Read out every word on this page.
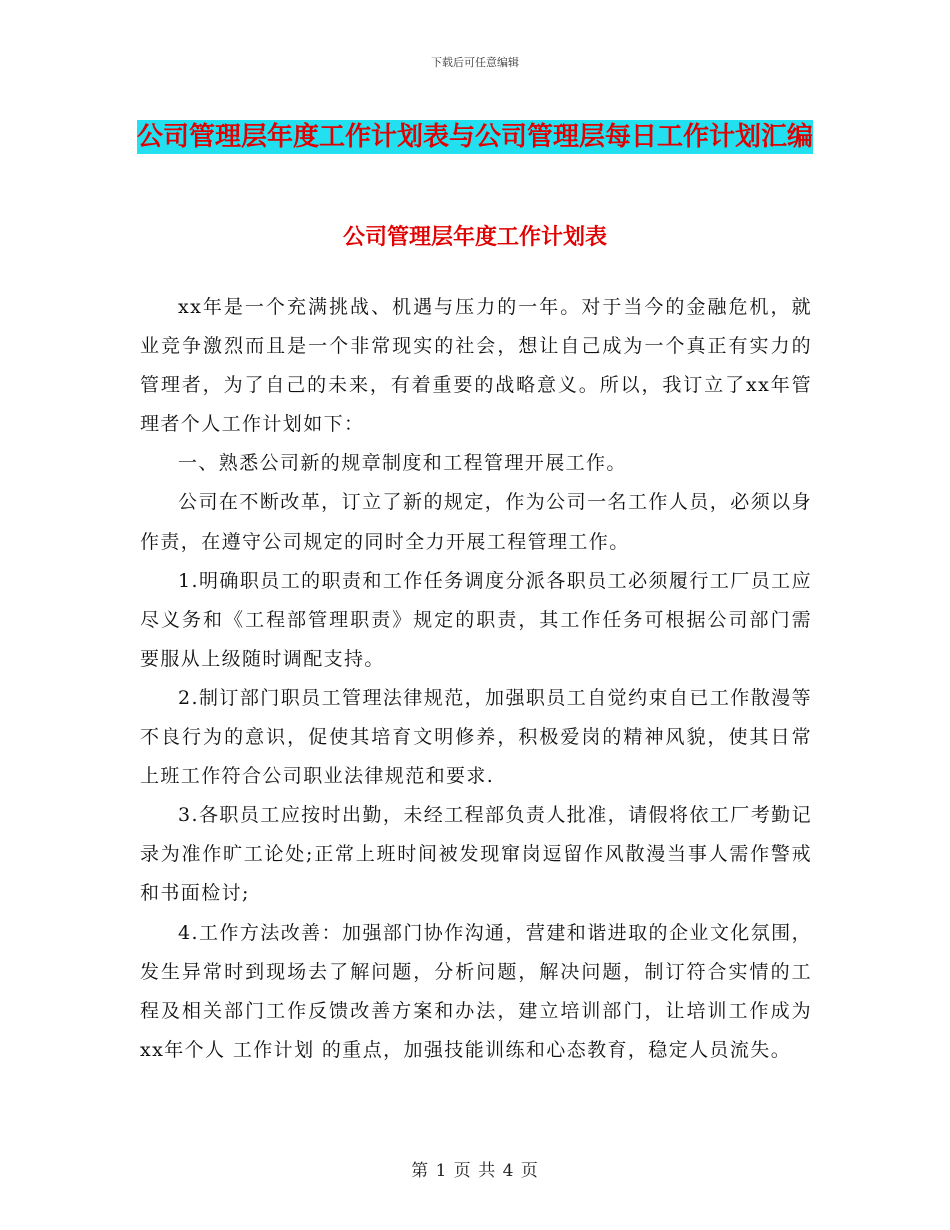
下载后可任意编辑
公司管理层年度工作计划表与公司管理层每日工作计划汇编
公司管理层年度工作计划表

xx年是一个充满挑战、机遇与压力的一年。对于当今的金融危机，就业竞争激烈而且是一个非常现实的社会，想让自己成为一个真正有实力的管理者，为了自己的未来，有着重要的战略意义。所以，我订立了xx年管理者个人工作计划如下：

一、熟悉公司新的规章制度和工程管理开展工作。

公司在不断改革，订立了新的规定，作为公司一名工作人员，必须以身作责，在遵守公司规定的同时全力开展工程管理工作。

1.明确职员工的职责和工作任务调度分派各职员工必须履行工厂员工应尽义务和《工程部管理职责》规定的职责，其工作任务可根据公司部门需要服从上级随时调配支持。

2.制订部门职员工管理法律规范，加强职员工自觉约束自已工作散漫等不良行为的意识，促使其培育文明修养，积极爱岗的精神风貌，使其日常上班工作符合公司职业法律规范和要求.

3.各职员工应按时出勤，未经工程部负责人批准，请假将依工厂考勤记录为准作旷工论处;正常上班时间被发现窜岗逗留作风散漫当事人需作警戒和书面检讨;

4.工作方法改善：加强部门协作沟通，营建和谐进取的企业文化氛围，发生异常时到现场去了解问题，分析问题，解决问题，制订符合实情的工程及相关部门工作反馈改善方案和办法，建立培训部门，让培训工作成为xx年个人 工作计划 的重点，加强技能训练和心态教育，稳定人员流失。

第 1 页 共 4 页
